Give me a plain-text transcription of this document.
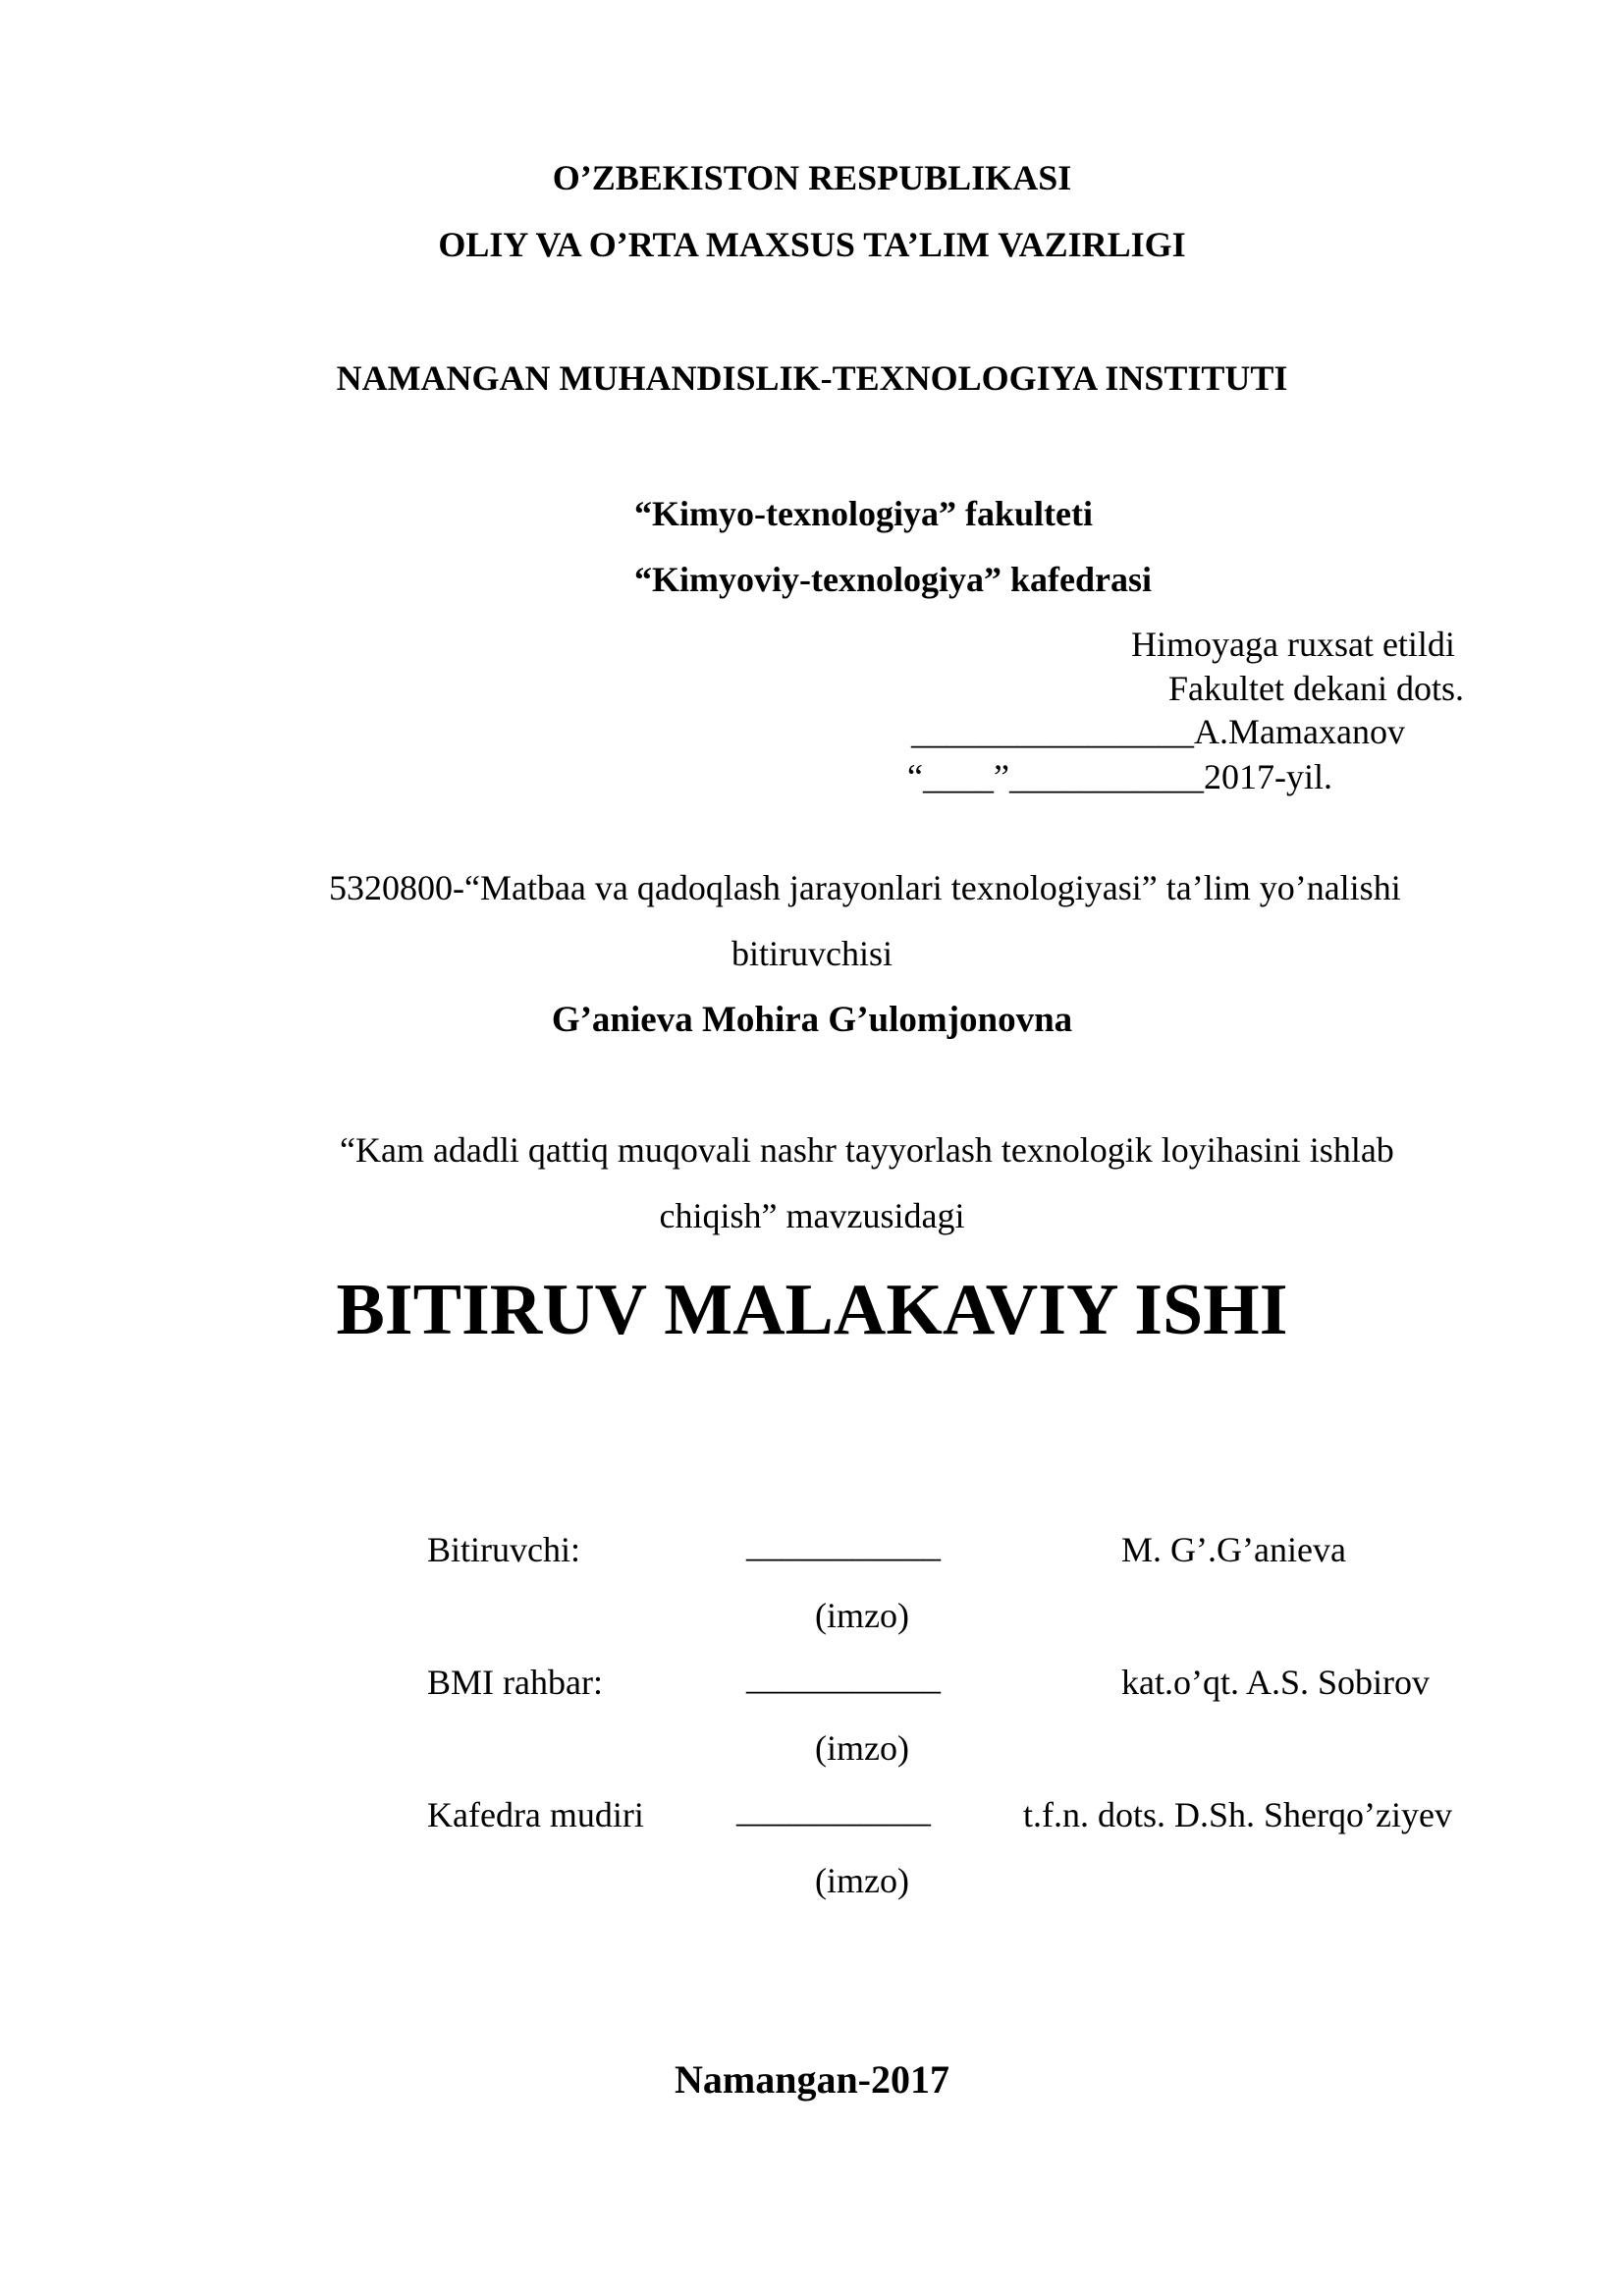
O’ZBEKISTON RESPUBLIKASI
OLIY VA O’RTA MAXSUS TA’LIM VAZIRLIGI
NAMANGAN MUHANDISLIK-TEXNOLOGIYA INSTITUTI
“Kimyo-texnologiya” fakulteti
“Kimyoviy-texnologiya” kafedrasi
Himoyaga ruxsat etildi
Fakultet dekani dots.
________________A.Mamaxanov
“____”___________2017-yil.
5320800-“Matbaa va qadoqlash jarayonlari texnologiyasi” ta’lim yo’nalishi
bitiruvchisi
G’anieva Mohira G’ulomjonovna
“Kam adadli qattiq muqovali nashr tayyorlash texnologik loyihasini ishlab
chiqish” mavzusidagi
BITIRUV MALAKAVIY ISHI
Bitiruvchi:	___________	M. G’.G’anieva
(imzo)
BMI rahbar:	___________	kat.o’qt. A.S. Sobirov
(imzo)
Kafedra mudiri	___________	t.f.n. dots. D.Sh. Sherqo’ziyev
(imzo)
Namangan-2017
